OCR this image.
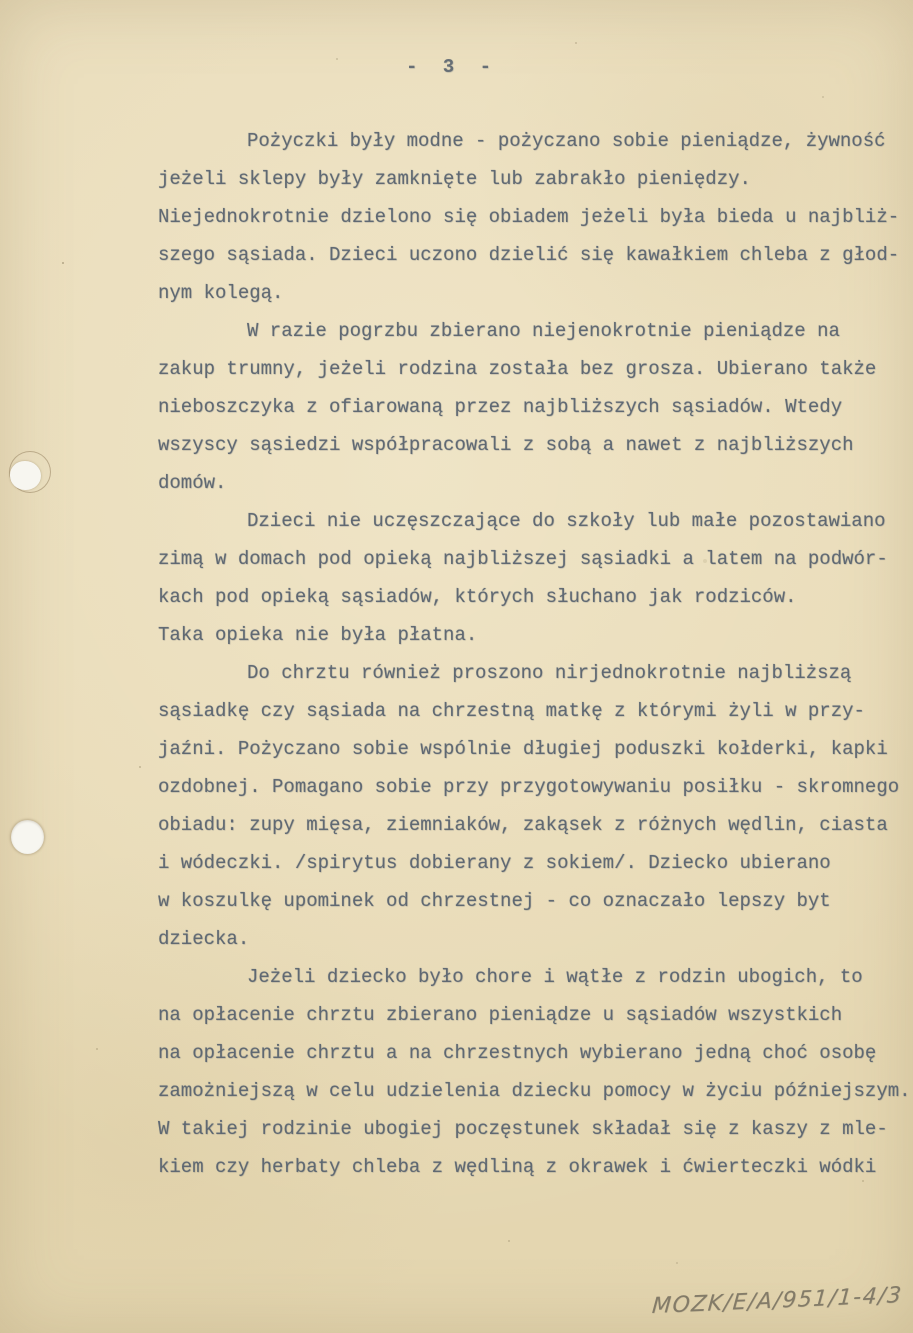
- 3 -
Pożyczki były modne - pożyczano sobie pieniądze, żywność
jeżeli sklepy były zamknięte lub zabrakło pieniędzy.
Niejednokrotnie dzielono się obiadem jeżeli była bieda u najbliż-
szego sąsiada. Dzieci uczono dzielić się kawałkiem chleba z głod-
nym kolegą.
W razie pogrzbu zbierano niejenokrotnie pieniądze na
zakup trumny, jeżeli rodzina została bez grosza. Ubierano także
nieboszczyka z ofiarowaną przez najbliższych sąsiadów. Wtedy
wszyscy sąsiedzi współpracowali z sobą a nawet z najbliższych
domów.
Dzieci nie uczęszczające do szkoły lub małe pozostawiano
zimą w domach pod opieką najbliższej sąsiadki a latem na podwór-
kach pod opieką sąsiadów, których słuchano jak rodziców.
Taka opieka nie była płatna.
Do chrztu również proszono nirjednokrotnie najbliższą
sąsiadkę czy sąsiada na chrzestną matkę z którymi żyli w przy-
jaźni. Pożyczano sobie wspólnie długiej poduszki kołderki, kapki
ozdobnej. Pomagano sobie przy przygotowywaniu posiłku - skromnego
obiadu: zupy mięsa, ziemniaków, zakąsek z różnych wędlin, ciasta
i wódeczki. /spirytus dobierany z sokiem/. Dziecko ubierano
w koszulkę upominek od chrzestnej - co oznaczało lepszy byt
dziecka.
Jeżeli dziecko było chore i wątłe z rodzin ubogich, to
na opłacenie chrztu zbierano pieniądze u sąsiadów wszystkich
na opłacenie chrztu a na chrzestnych wybierano jedną choć osobę
zamożniejszą w celu udzielenia dziecku pomocy w życiu późniejszym.
W takiej rodzinie ubogiej poczęstunek składał się z kaszy z mle-
kiem czy herbaty chleba z wędliną z okrawek i ćwierteczki wódki
MOZK/E/A/951/1-4/3
